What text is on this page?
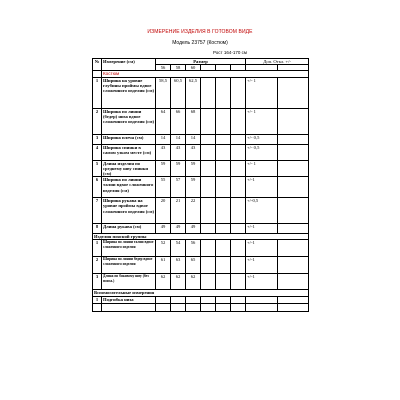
ИЗМЕРЕНИЕ ИЗДЕЛИЯ В ГОТОВОМ ВИДЕ
Модель 23757 (Костюм)
Рост 164-170 см
№	Измерение (см)	Размер						Доп. Откл. +/-	
		56	58	60					
	Костюм								
1	Ширина на уровне глубины проймы вдвое сложенного изделия (см)	58,5	60,5	62,5				+/- 1	
2	Ширина по линии (бедер) низа вдвое сложенного изделия (см)	64	66	68				+/- 1	
3	Ширина плеча (см)	14	14	14				+/- 0,5	
4	Ширина спинки в самом узком месте (см)	43	43	43				+/- 0,5	
5	Длина изделия по среднему шву спинки (см)	59	59	59				+/- 1	
6	Ширина по линии талии вдвое сложенного изделия (см)	55	57	59				+/-1	
7	Ширина рукава на уровне проймы вдвое сложенного изделия (см)	20	21	22				+/-0,5	
8	Длина рукава (см)	49	49	49				+/-1	
Изделия поясной группы									
1	Ширина по линии талии вдвое сложенного изделия	52	54	56				+/-1	
2	Ширина по линии бедер вдвое сложенного изделия	61	63	65				+/-1	
3	Длина по боковому шву (без пояса.)	62	62	62				+/-1	
Вспомогательные измерения									
1	Подгибка низа								
